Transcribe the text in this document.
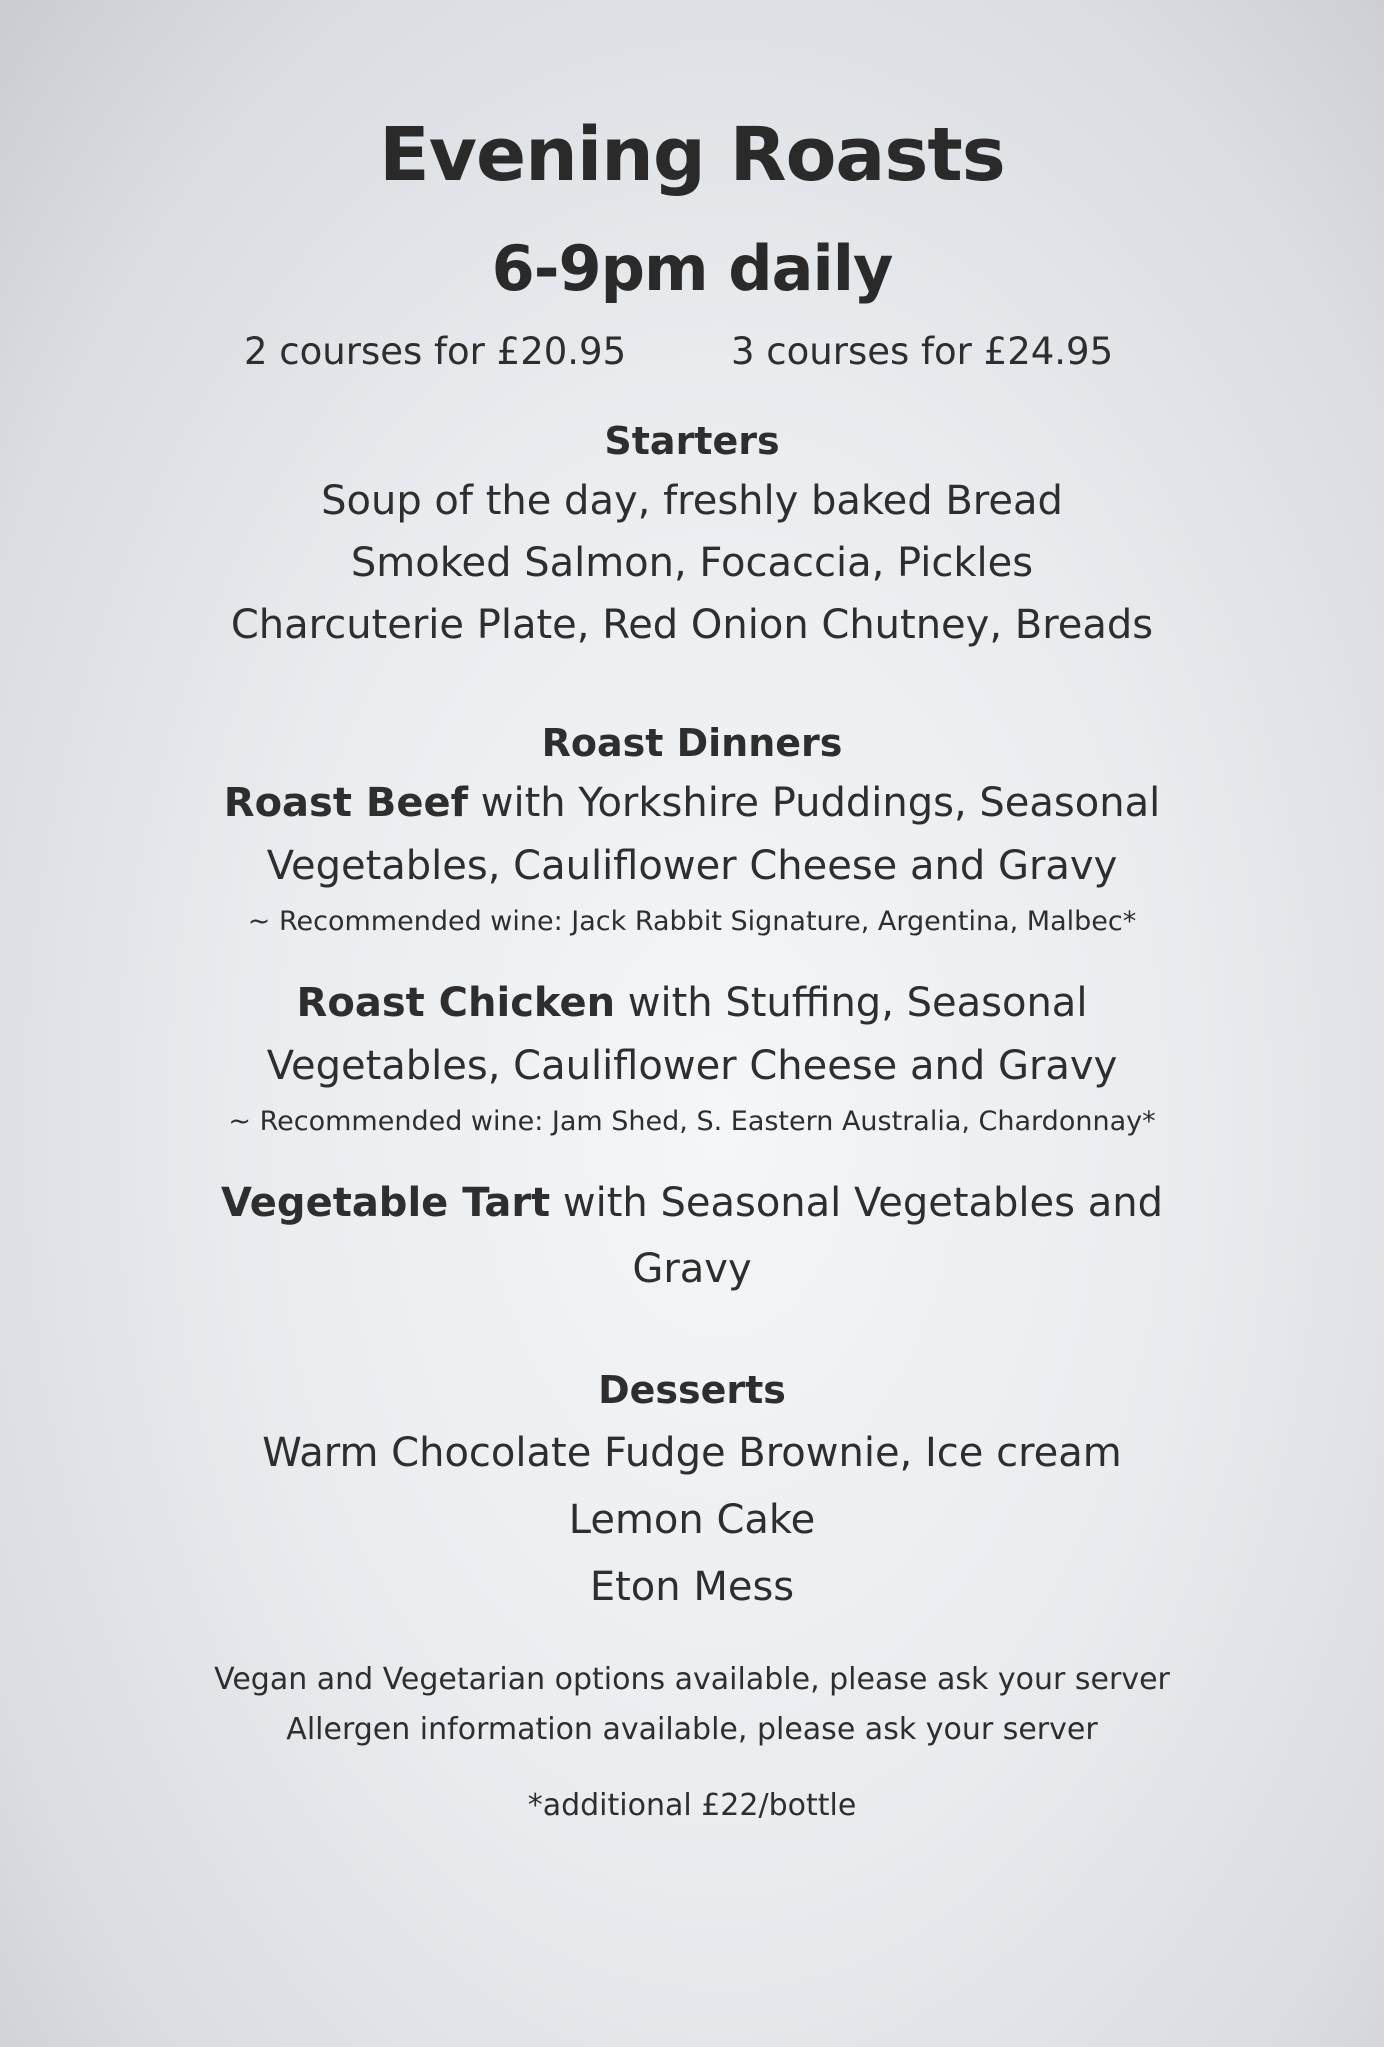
Evening Roasts
6-9pm daily
2 courses for £20.95	3 courses for £24.95
Starters
Soup of the day, freshly baked Bread
Smoked Salmon, Focaccia, Pickles
Charcuterie Plate, Red Onion Chutney, Breads
Roast Dinners
Roast Beef with Yorkshire Puddings, Seasonal
Vegetables, Cauliflower Cheese and Gravy
~ Recommended wine: Jack Rabbit Signature, Argentina, Malbec*
Roast Chicken with Stuffing, Seasonal
Vegetables, Cauliflower Cheese and Gravy
~ Recommended wine: Jam Shed, S. Eastern Australia, Chardonnay*
Vegetable Tart with Seasonal Vegetables and
Gravy
Desserts
Warm Chocolate Fudge Brownie, Ice cream
Lemon Cake
Eton Mess
Vegan and Vegetarian options available, please ask your server
Allergen information available, please ask your server
*additional £22/bottle
